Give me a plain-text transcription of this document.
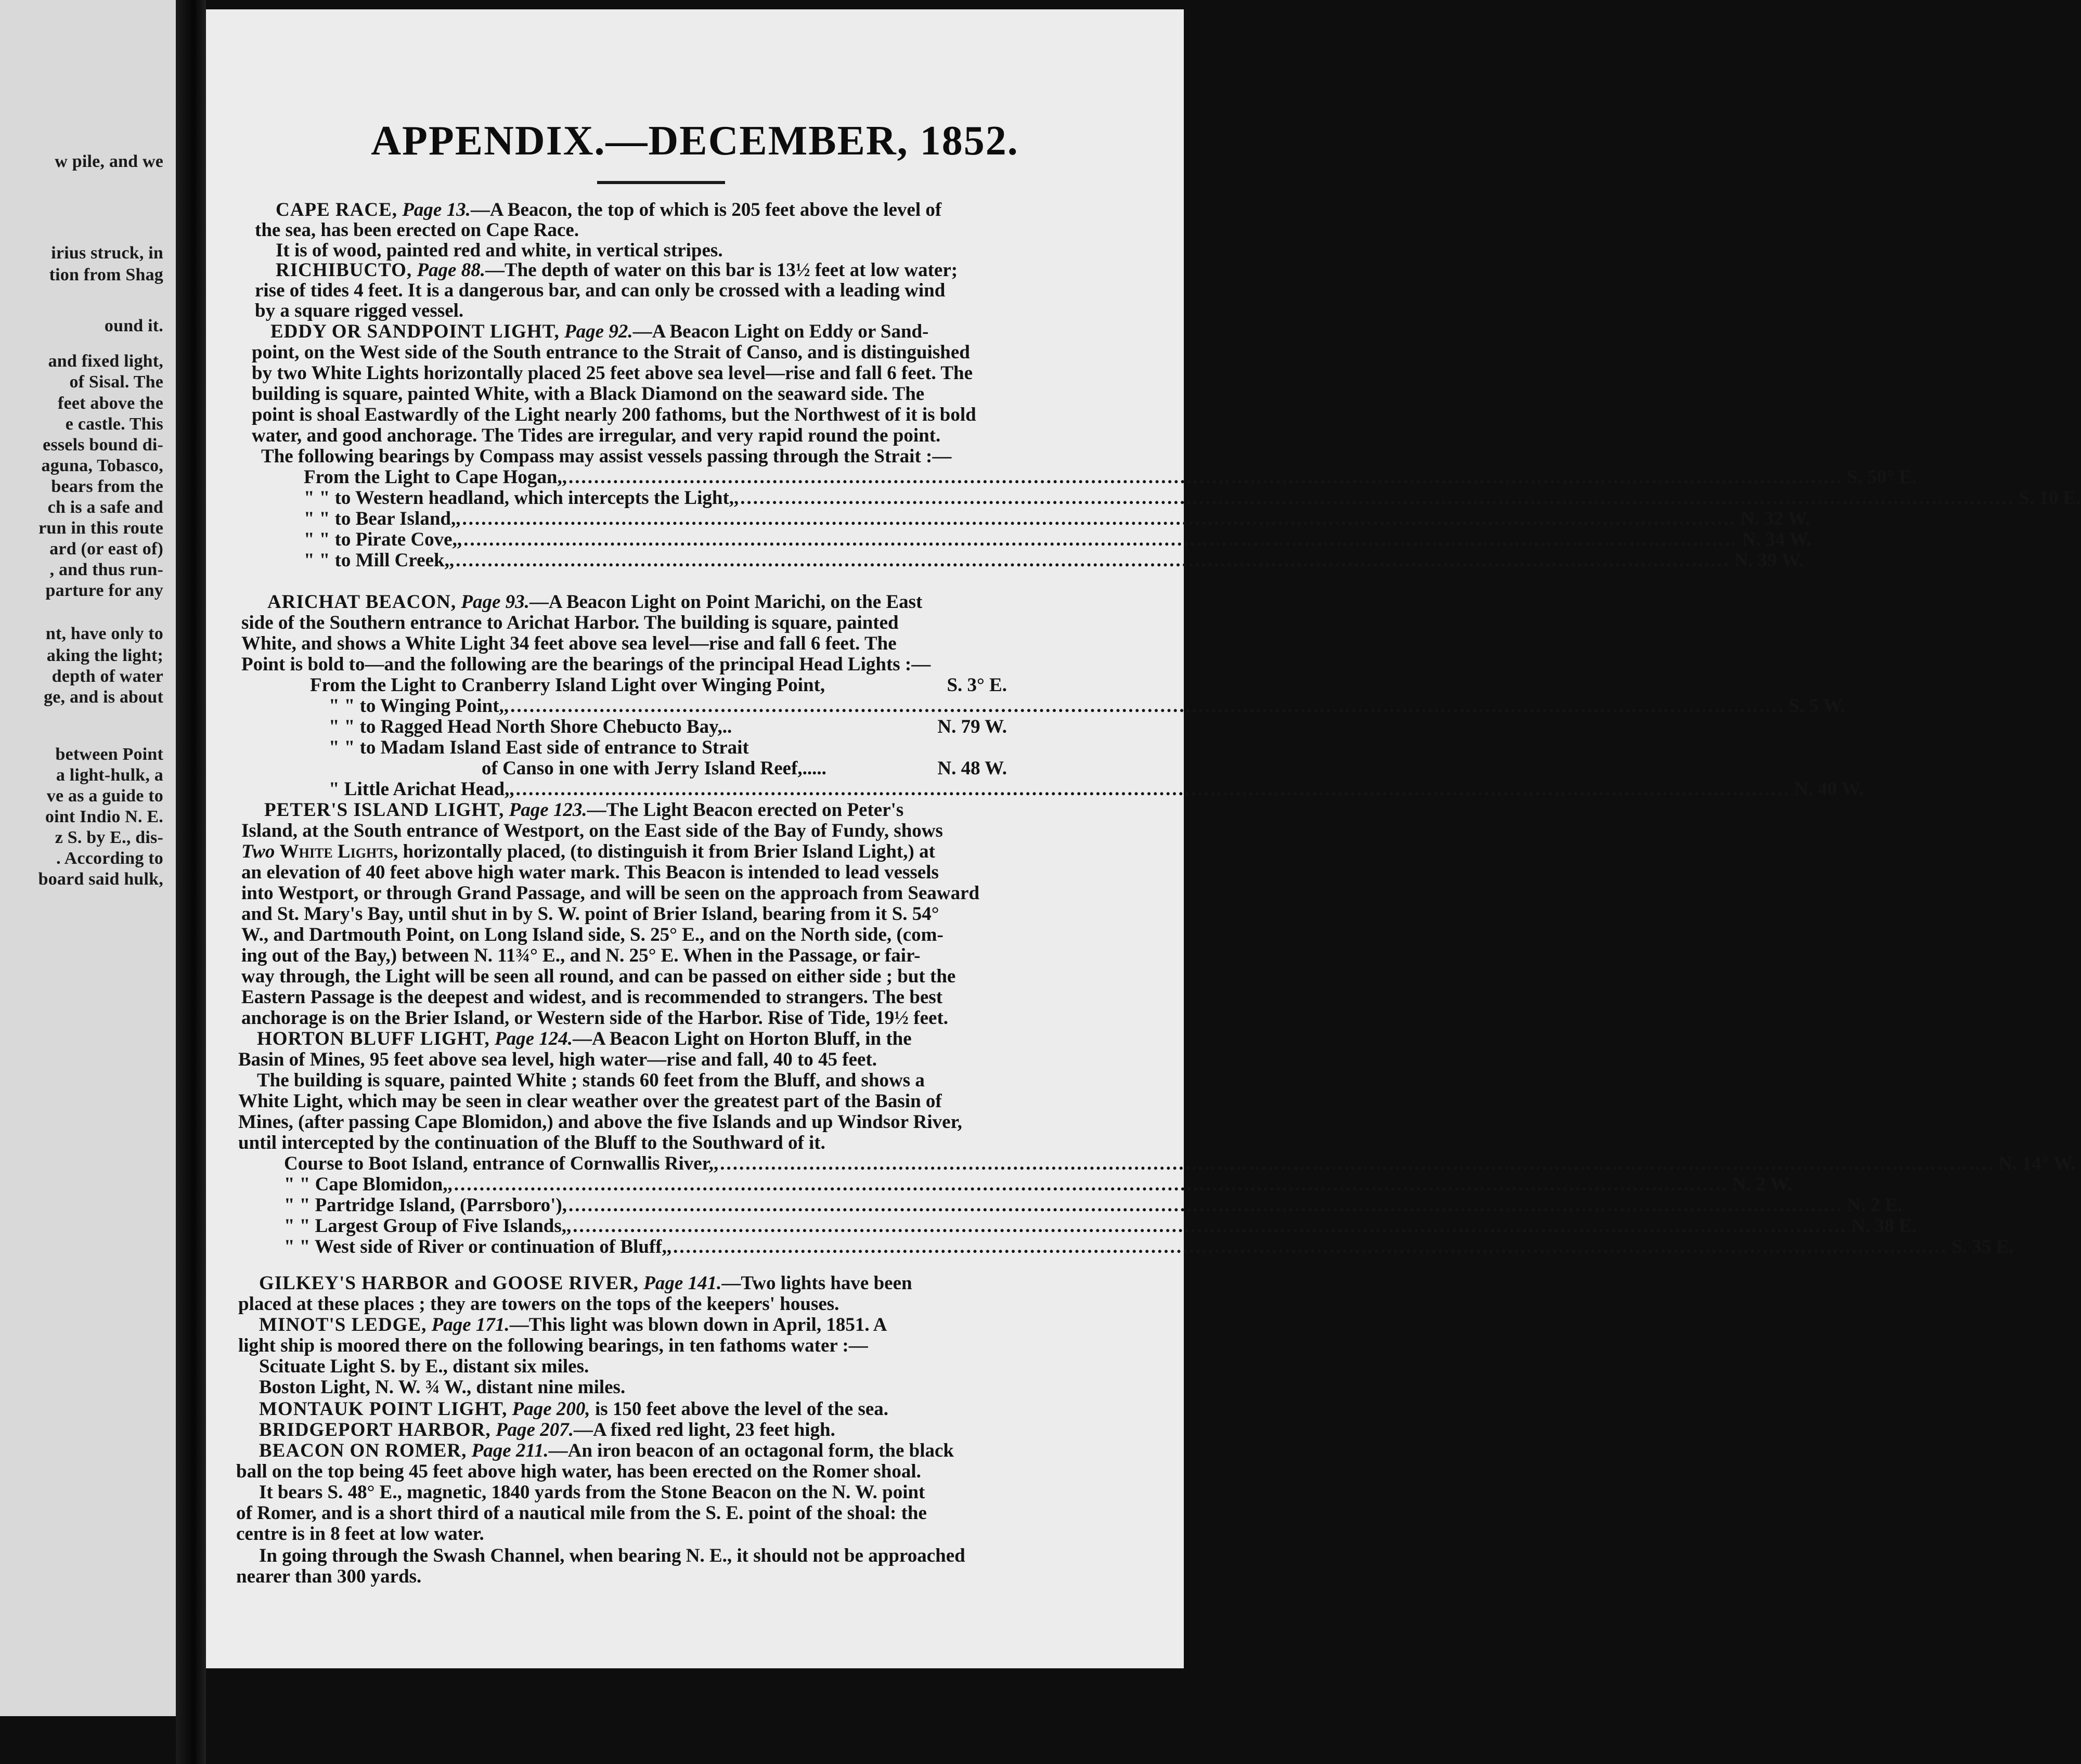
w pile, and we
irius struck, in
tion from Shag
ound it.
and fixed light,
of Sisal. The
feet above the
e castle. This
essels bound di-
aguna, Tobasco,
bears from the
ch is a safe and
run in this route
ard (or east of)
, and thus run-
parture for any
nt, have only to
aking the light;
depth of water
ge, and is about
between Point
a light-hulk, a
ve as a guide to
oint Indio N. E.
z S. by E., dis-
. According to
board said hulk,
APPENDIX.—DECEMBER, 1852.
CAPE RACE, Page 13.—A Beacon, the top of which is 205 feet above the level of
the sea, has been erected on Cape Race.
It is of wood, painted red and white, in vertical stripes.
RICHIBUCTO, Page 88.—The depth of water on this bar is 13½ feet at low water;
rise of tides 4 feet. It is a dangerous bar, and can only be crossed with a leading wind
by a square rigged vessel.
EDDY OR SANDPOINT LIGHT, Page 92.—A Beacon Light on Eddy or Sand-
point, on the West side of the South entrance to the Strait of Canso, and is distinguished
by two White Lights horizontally placed 25 feet above sea level—rise and fall 6 feet. The
building is square, painted White, with a Black Diamond on the seaward side. The
point is shoal Eastwardly of the Light nearly 200 fathoms, but the Northwest of it is bold
water, and good anchorage. The Tides are irregular, and very rapid round the point.
The following bearings by Compass may assist vessels passing through the Strait :—
From the Light to Cape Hogan, ,........................................................................................................................................................................................................ S. 50° E.
" " to Western headland, which intercepts the Light, ,........................................................................................................................................................................................................ S. 10 E.
" " to Bear Island, ,........................................................................................................................................................................................................ N. 32 W.
" " to Pirate Cove, ,........................................................................................................................................................................................................ N. 34 W.
" " to Mill Creek, ,........................................................................................................................................................................................................ N. 39 W.
ARICHAT BEACON, Page 93.—A Beacon Light on Point Marichi, on the East
side of the Southern entrance to Arichat Harbor. The building is square, painted
White, and shows a White Light 34 feet above sea level—rise and fall 6 feet. The
Point is bold to—and the following are the bearings of the principal Head Lights :—
From the Light to Cranberry Island Light over Winging Point,	S. 3° E.
" " to Winging Point, ,........................................................................................................................................................................................................ S. 5 W.
" " to Ragged Head North Shore Chebucto Bay,..	N. 79 W.
" " to Madam Island East side of entrance to Strait
of Canso in one with Jerry Island Reef,.....	N. 48 W.
" Little Arichat Head, ,........................................................................................................................................................................................................ N. 40 W.
PETER'S ISLAND LIGHT, Page 123.—The Light Beacon erected on Peter's
Island, at the South entrance of Westport, on the East side of the Bay of Fundy, shows
Two White Lights, horizontally placed, (to distinguish it from Brier Island Light,) at
an elevation of 40 feet above high water mark. This Beacon is intended to lead vessels
into Westport, or through Grand Passage, and will be seen on the approach from Seaward
and St. Mary's Bay, until shut in by S. W. point of Brier Island, bearing from it S. 54°
W., and Dartmouth Point, on Long Island side, S. 25° E., and on the North side, (com-
ing out of the Bay,) between N. 11¾° E., and N. 25° E. When in the Passage, or fair-
way through, the Light will be seen all round, and can be passed on either side ; but the
Eastern Passage is the deepest and widest, and is recommended to strangers. The best
anchorage is on the Brier Island, or Western side of the Harbor. Rise of Tide, 19½ feet.
HORTON BLUFF LIGHT, Page 124.—A Beacon Light on Horton Bluff, in the
Basin of Mines, 95 feet above sea level, high water—rise and fall, 40 to 45 feet.
The building is square, painted White ; stands 60 feet from the Bluff, and shows a
White Light, which may be seen in clear weather over the greatest part of the Basin of
Mines, (after passing Cape Blomidon,) and above the five Islands and up Windsor River,
until intercepted by the continuation of the Bluff to the Southward of it.
Course to Boot Island, entrance of Cornwallis River, ,........................................................................................................................................................................................................ N. 14° W.
" " Cape Blomidon, ,........................................................................................................................................................................................................ N. 2 W.
" " Partridge Island, (Parrsboro') ,........................................................................................................................................................................................................ N. 2 E.
" " Largest Group of Five Islands, ,........................................................................................................................................................................................................ N. 38 E.
" " West side of River or continuation of Bluff, ,........................................................................................................................................................................................................ S. 35 E.
GILKEY'S HARBOR and GOOSE RIVER, Page 141.—Two lights have been
placed at these places ; they are towers on the tops of the keepers' houses.
MINOT'S LEDGE, Page 171.—This light was blown down in April, 1851. A
light ship is moored there on the following bearings, in ten fathoms water :—
Scituate Light S. by E., distant six miles.
Boston Light, N. W. ¾ W., distant nine miles.
MONTAUK POINT LIGHT, Page 200, is 150 feet above the level of the sea.
BRIDGEPORT HARBOR, Page 207.—A fixed red light, 23 feet high.
BEACON ON ROMER, Page 211.—An iron beacon of an octagonal form, the black
ball on the top being 45 feet above high water, has been erected on the Romer shoal.
It bears S. 48° E., magnetic, 1840 yards from the Stone Beacon on the N. W. point
of Romer, and is a short third of a nautical mile from the S. E. point of the shoal: the
centre is in 8 feet at low water.
In going through the Swash Channel, when bearing N. E., it should not be approached
nearer than 300 yards.
